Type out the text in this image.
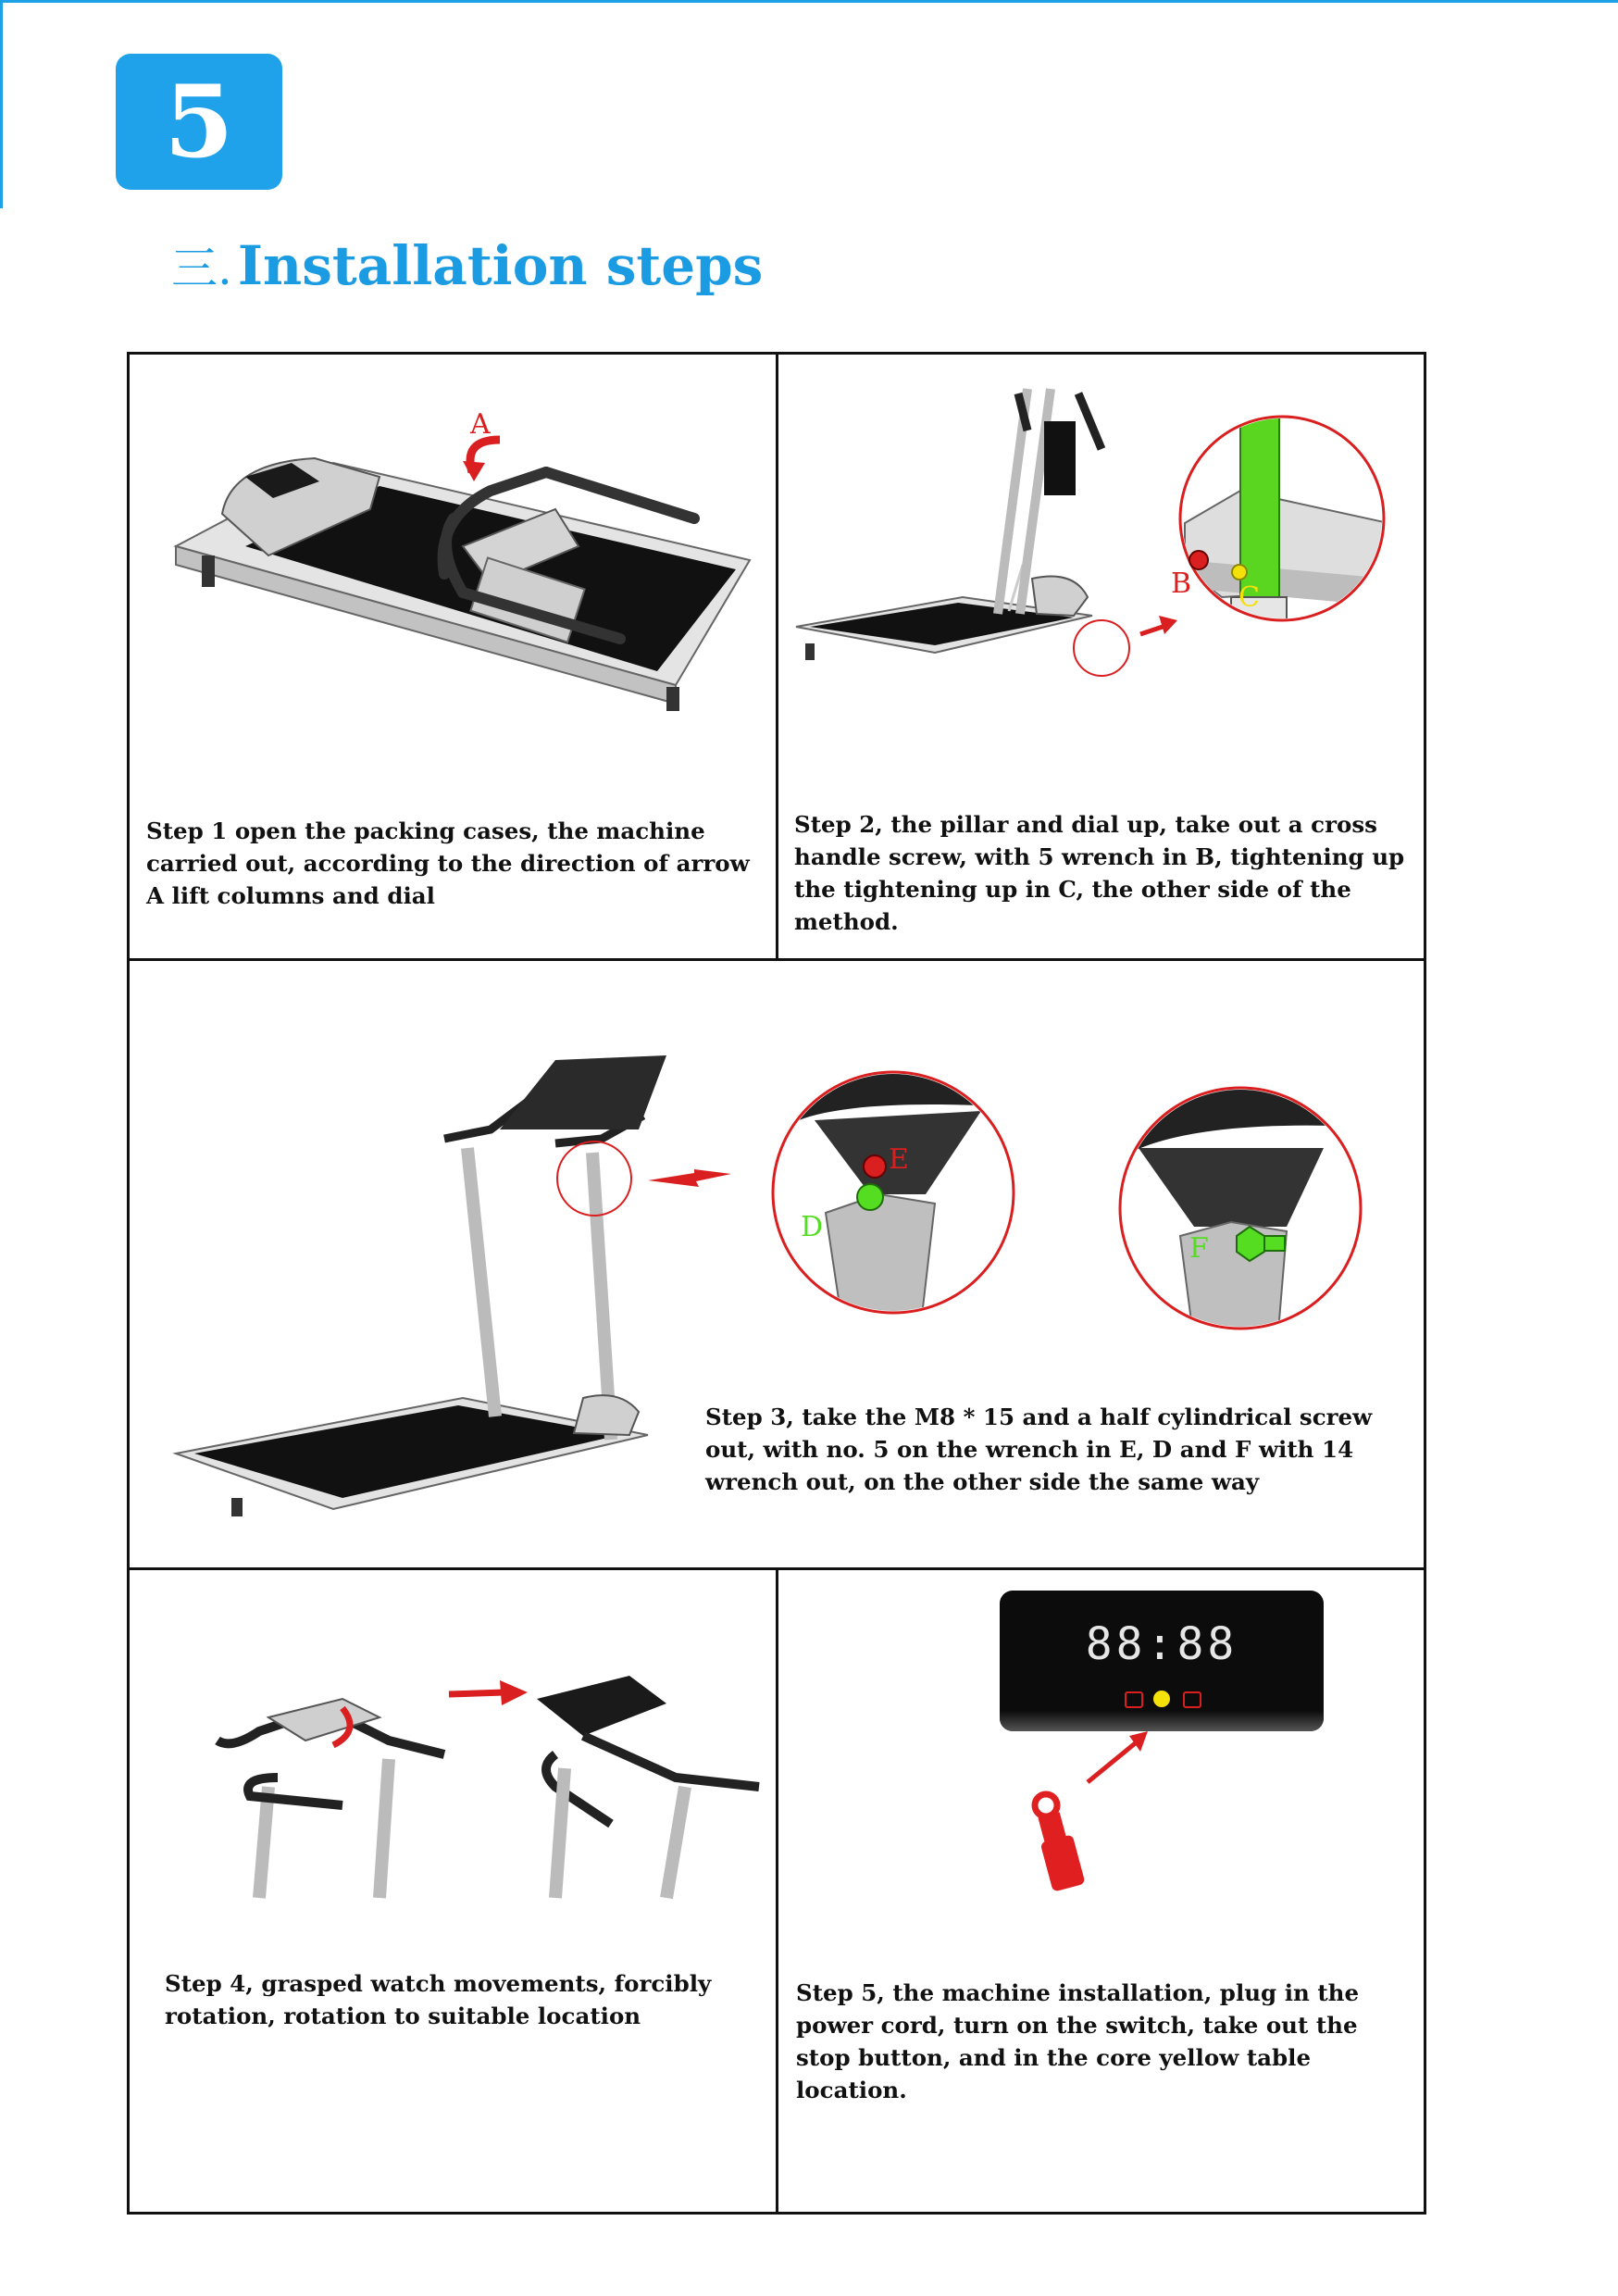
5
三. Installation steps
A
B C
E
D
F
88:88
Step 1 open the packing cases, the machine carried out, according to the direction of arrow A lift columns and dial
Step 2, the pillar and dial up, take out a cross handle screw, with 5 wrench in B, tightening up the tightening up in C, the other side of the method.
Step 3, take the M8 * 15 and a half cylindrical screw out, with no. 5 on the wrench in E, D and F with 14 wrench out, on the other side the same way
Step 4, grasped watch movements, forcibly rotation, rotation to suitable location
Step 5, the machine installation, plug in the power cord, turn on the switch, take out the stop button, and in the core yellow table location.
